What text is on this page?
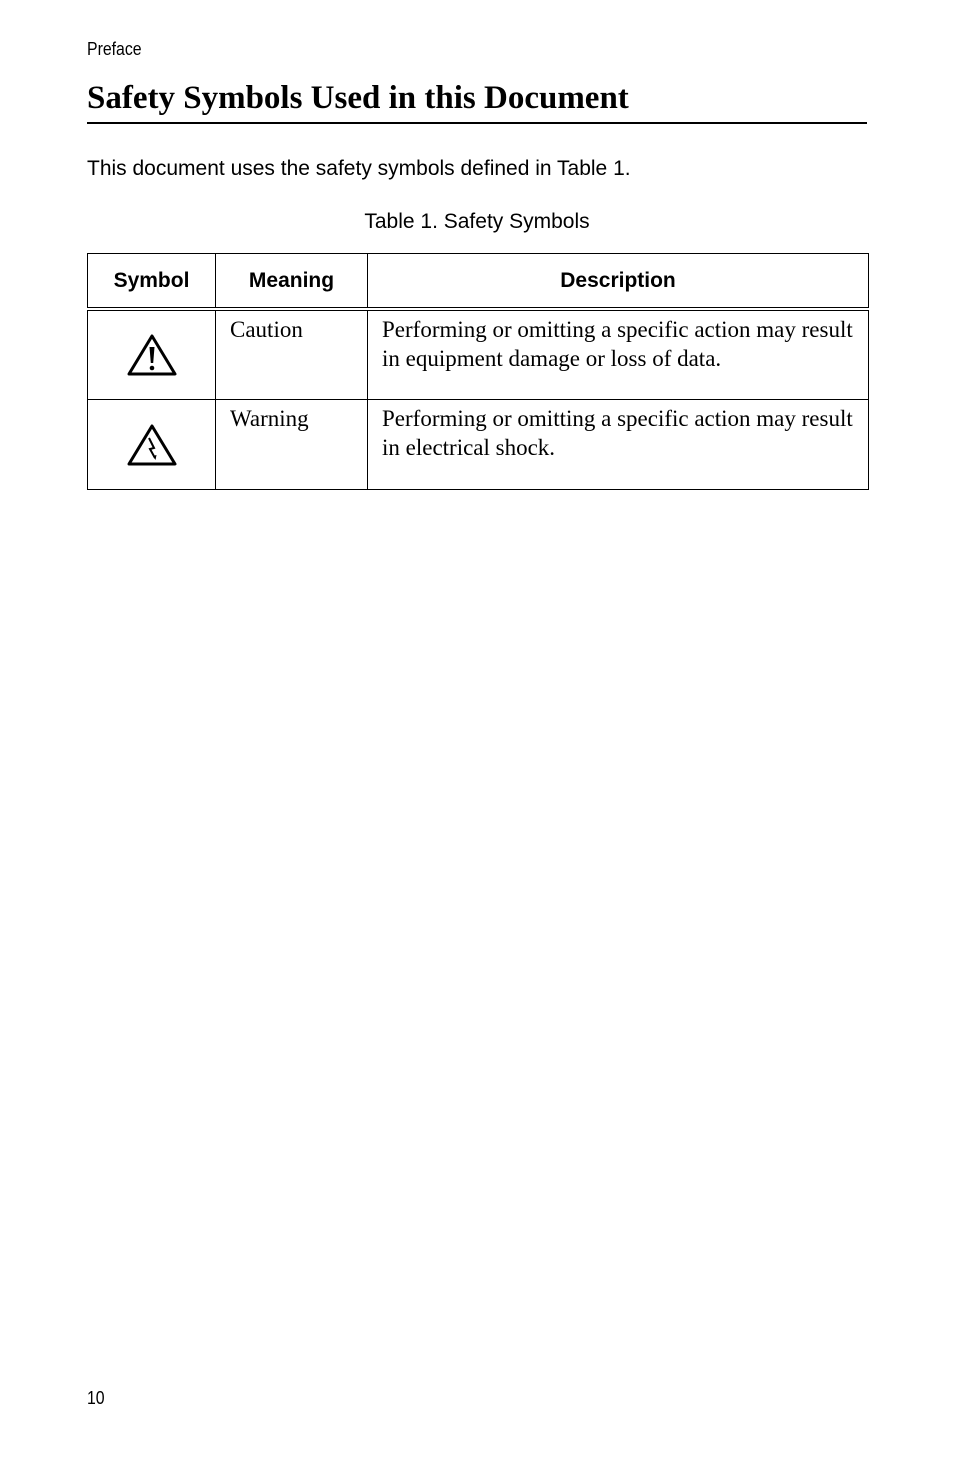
Preface
Safety Symbols Used in this Document

This document uses the safety symbols defined in Table 1.

Table 1. Safety Symbols

Symbol	Meaning	Description
	Caution	Performing or omitting a specific action may result in equipment damage or loss of data.
	Warning	Performing or omitting a specific action may result in electrical shock.
10
